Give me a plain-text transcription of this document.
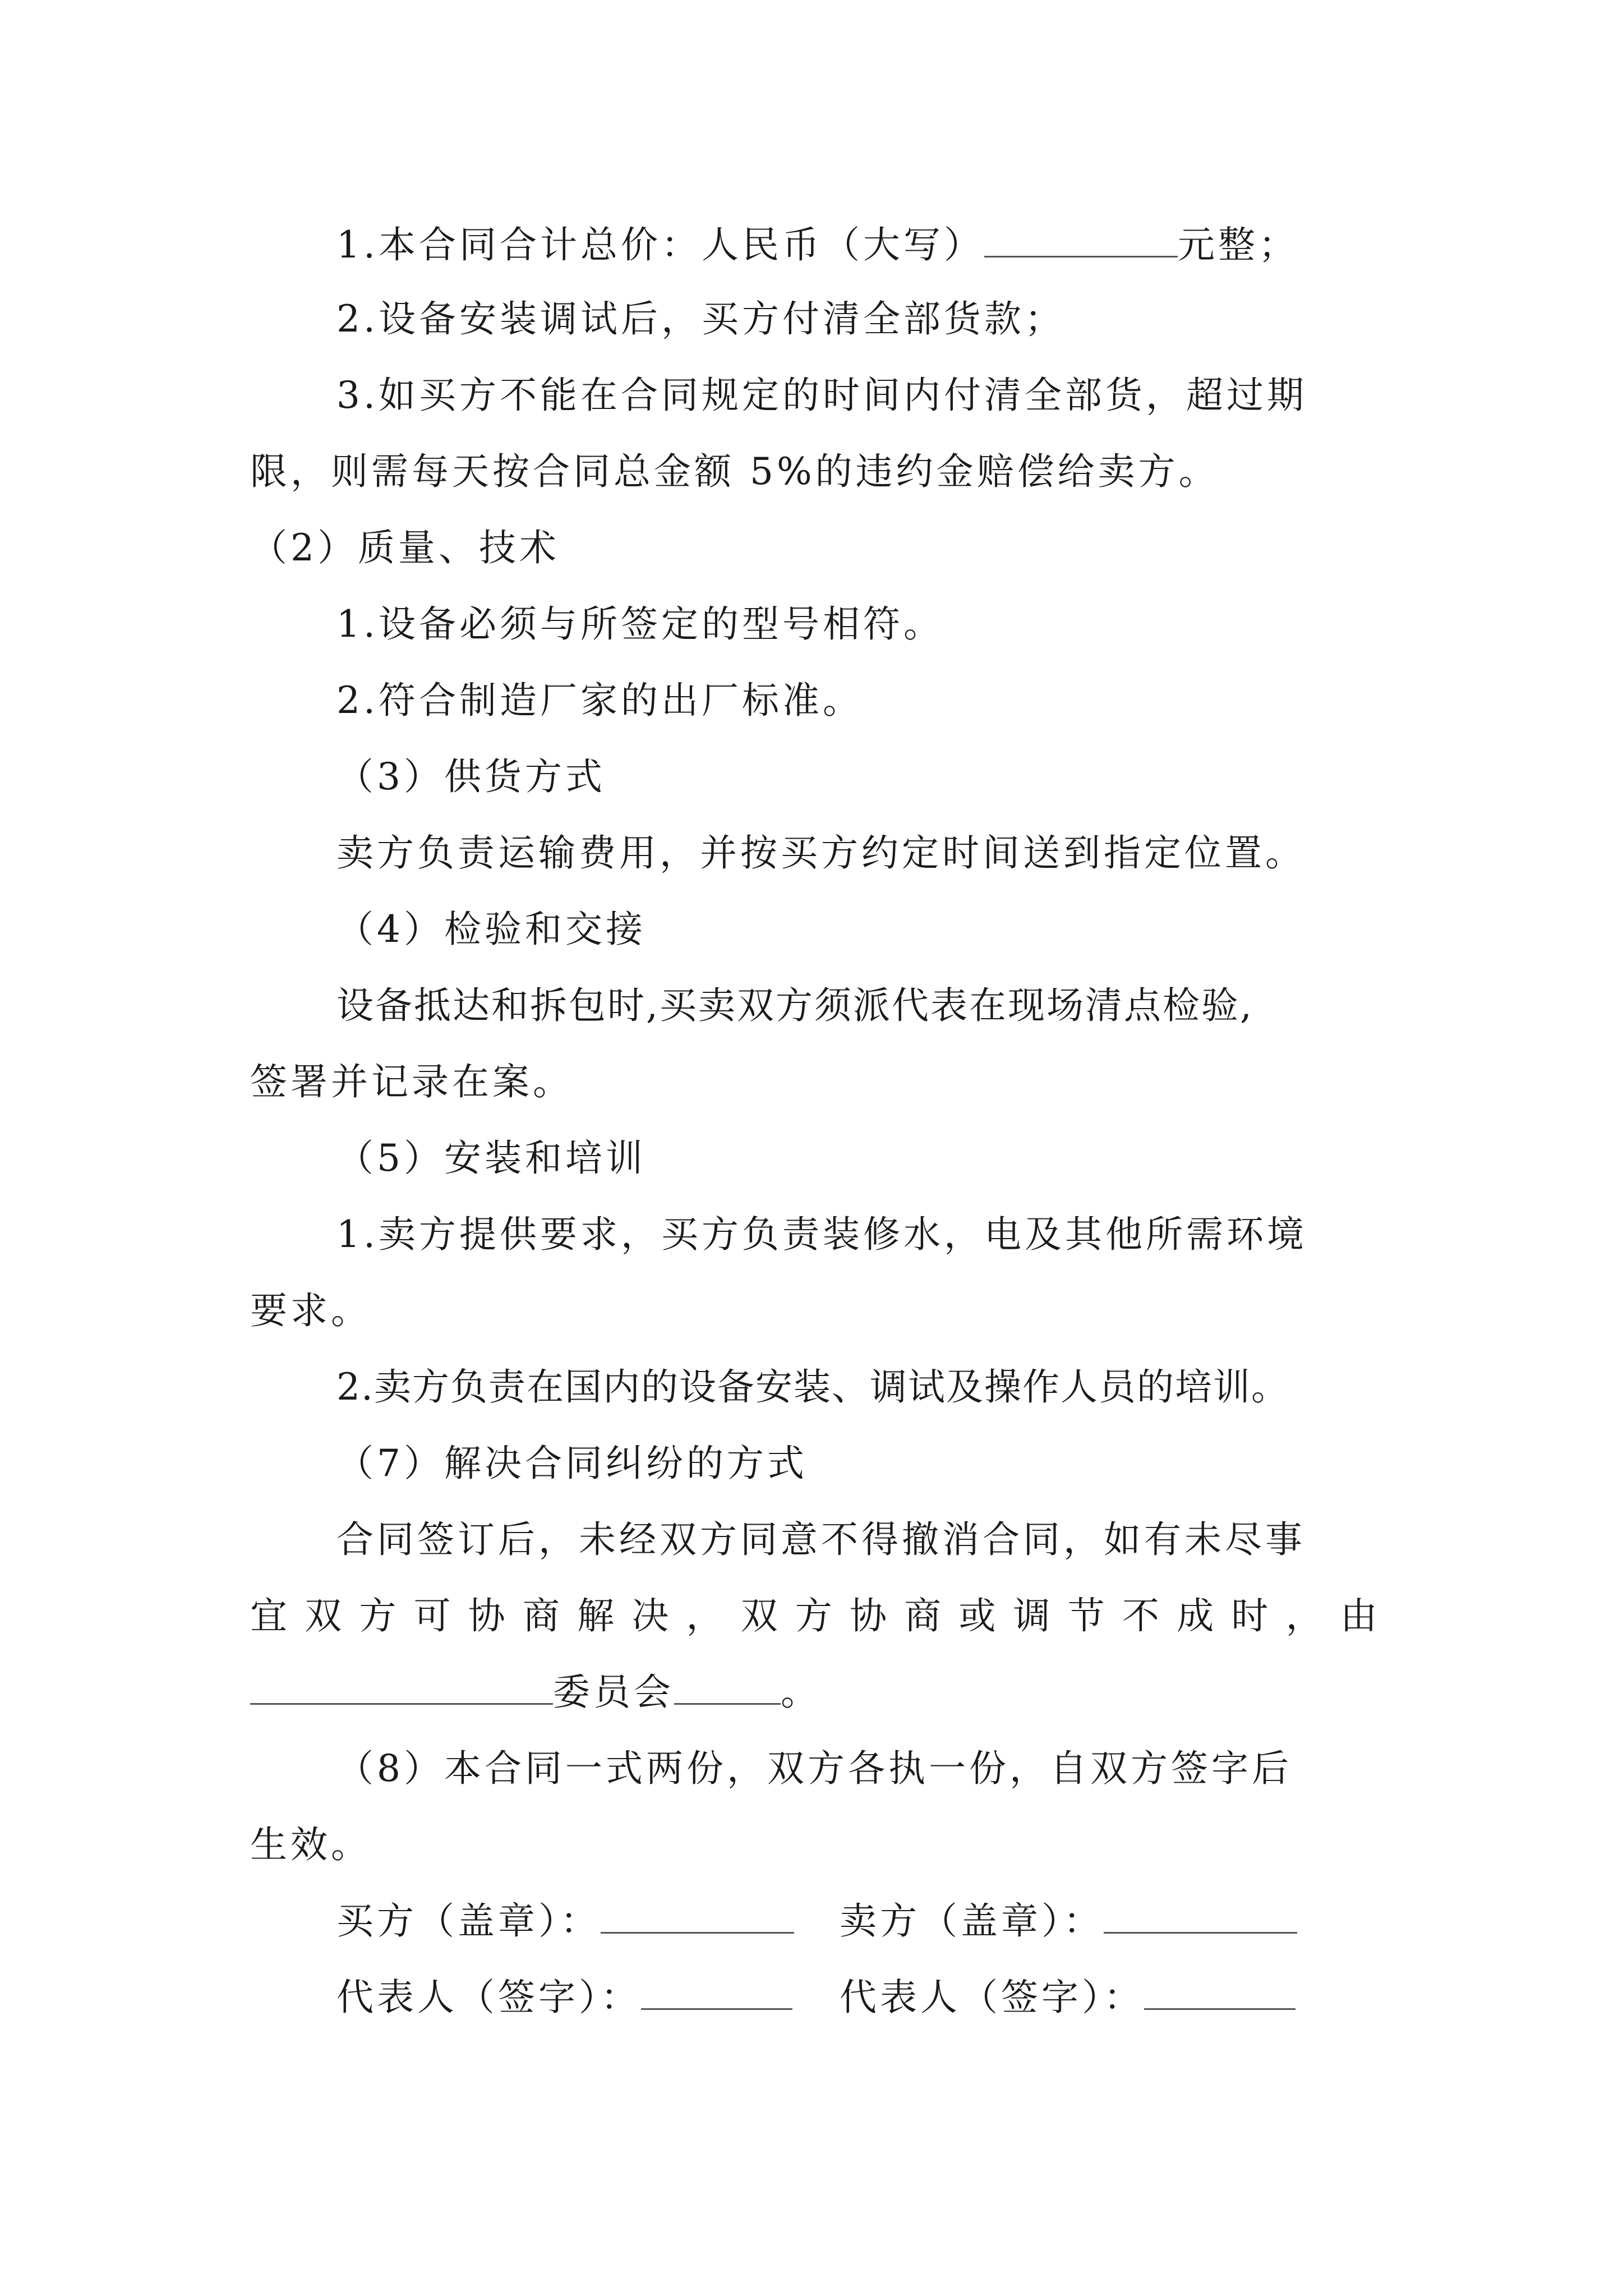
1.本合同合计总价：人民币（大写）	元整；
2.设备安装调试后，买方付清全部货款；
3.如买方不能在合同规定的时间内付清全部货，超过期
限，则需每天按合同总金额 5%的违约金赔偿给卖方。
（2）质量、技术
1.设备必须与所签定的型号相符。
2.符合制造厂家的出厂标准。
（3）供货方式
卖方负责运输费用，并按买方约定时间送到指定位置。
（4）检验和交接
设备抵达和拆包时,买卖双方须派代表在现场清点检验,
签署并记录在案。
（5）安装和培训
1.卖方提供要求，买方负责装修水，电及其他所需环境
要求。
2.卖方负责在国内的设备安装、调试及操作人员的培训。
（7）解决合同纠纷的方式
合同签订后，未经双方同意不得撤消合同，如有未尽事
宜 双 方 可 协 商 解 决 ， 双 方 协 商 或 调 节 不 成 时 ， 由
委员会	。
（8）本合同一式两份，双方各执一份，自双方签字后
生效。
买方（盖章）：	卖方（盖章）：
代表人（签字）：	代表人（签字）：
